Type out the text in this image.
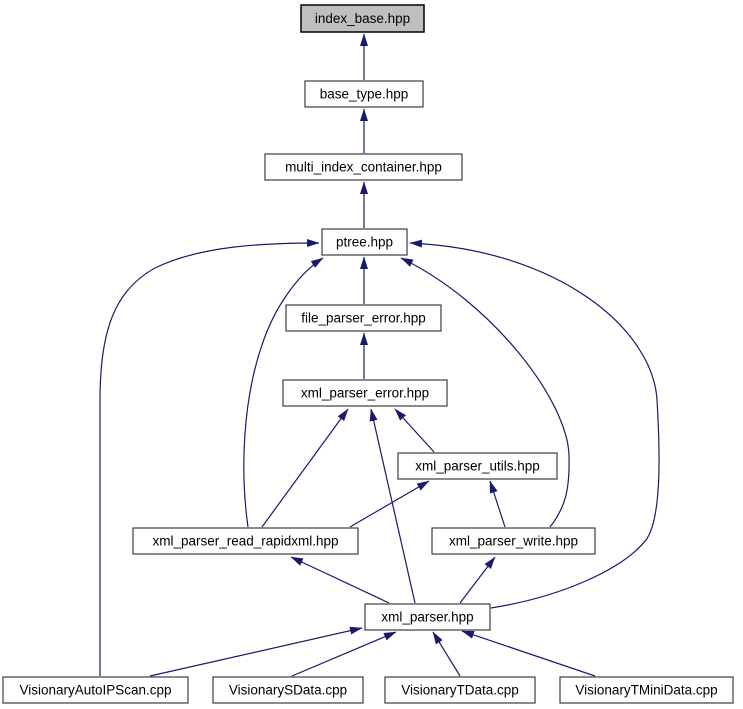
index_base.hpp
base_type.hpp
multi_index_container.hpp
ptree.hpp
file_parser_error.hpp
xml_parser_error.hpp
xml_parser_utils.hpp
xml_parser_read_rapidxml.hpp	xml_parser_write.hpp
xml_parser.hpp
VisionaryAutoIPScan.cpp	VisionarySData.cpp	VisionaryTData.cpp	VisionaryTMiniData.cpp
